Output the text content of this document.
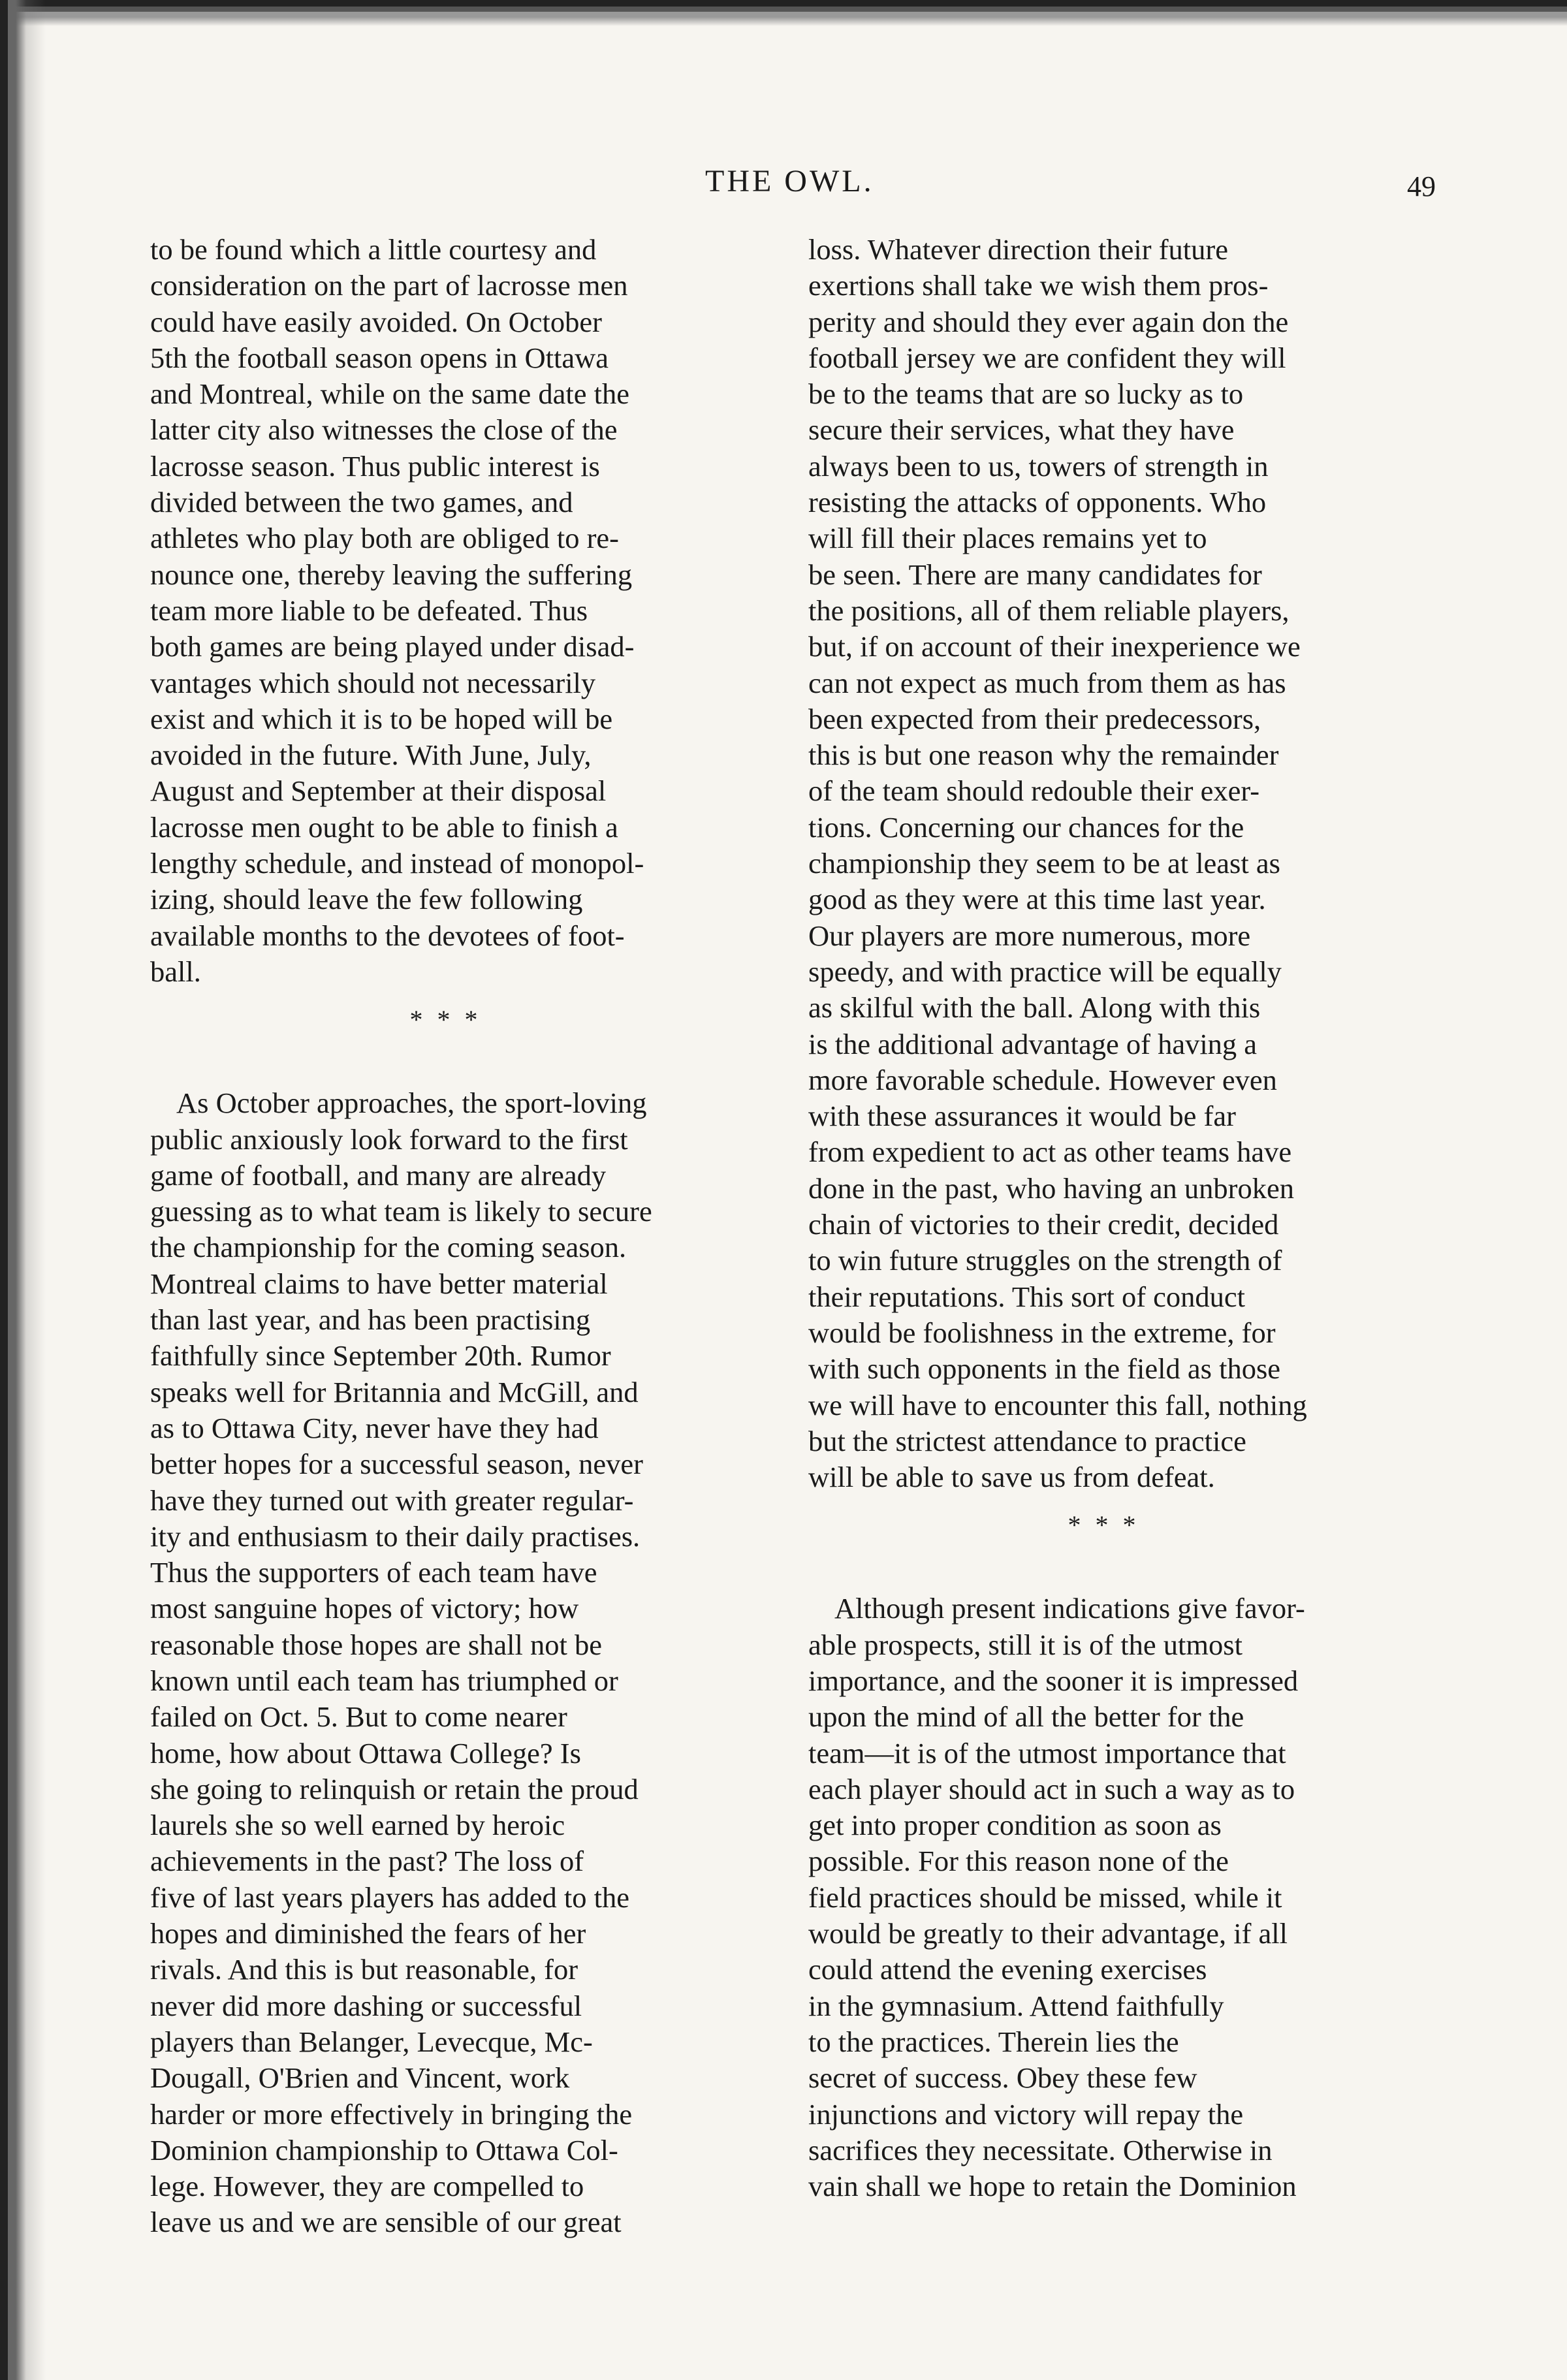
THE OWL.	49

to be found which a little courtesy and
consideration on the part of lacrosse men
could have easily avoided. On October
5th the football season opens in Ottawa
and Montreal, while on the same date the
latter city also witnesses the close of the
lacrosse season. Thus public interest is
divided between the two games, and
athletes who play both are obliged to re-
nounce one, thereby leaving the suffering
team more liable to be defeated. Thus
both games are being played under disad-
vantages which should not necessarily
exist and which it is to be hoped will be
avoided in the future. With June, July,
August and September at their disposal
lacrosse men ought to be able to finish a
lengthy schedule, and instead of monopol-
izing, should leave the few following
available months to the devotees of foot-
ball.

* * *

As October approaches, the sport-loving
public anxiously look forward to the first
game of football, and many are already
guessing as to what team is likely to secure
the championship for the coming season.
Montreal claims to have better material
than last year, and has been practising
faithfully since September 20th. Rumor
speaks well for Britannia and McGill, and
as to Ottawa City, never have they had
better hopes for a successful season, never
have they turned out with greater regular-
ity and enthusiasm to their daily practises.
Thus the supporters of each team have
most sanguine hopes of victory; how
reasonable those hopes are shall not be
known until each team has triumphed or
failed on Oct. 5. But to come nearer
home, how about Ottawa College? Is
she going to relinquish or retain the proud
laurels she so well earned by heroic
achievements in the past? The loss of
five of last years players has added to the
hopes and diminished the fears of her
rivals. And this is but reasonable, for
never did more dashing or successful
players than Belanger, Levecque, Mc-
Dougall, O'Brien and Vincent, work
harder or more effectively in bringing the
Dominion championship to Ottawa Col-
lege. However, they are compelled to
leave us and we are sensible of our great

loss. Whatever direction their future
exertions shall take we wish them pros-
perity and should they ever again don the
football jersey we are confident they will
be to the teams that are so lucky as to
secure their services, what they have
always been to us, towers of strength in
resisting the attacks of opponents. Who
will fill their places remains yet to
be seen. There are many candidates for
the positions, all of them reliable players,
but, if on account of their inexperience we
can not expect as much from them as has
been expected from their predecessors,
this is but one reason why the remainder
of the team should redouble their exer-
tions. Concerning our chances for the
championship they seem to be at least as
good as they were at this time last year.
Our players are more numerous, more
speedy, and with practice will be equally
as skilful with the ball. Along with this
is the additional advantage of having a
more favorable schedule. However even
with these assurances it would be far
from expedient to act as other teams have
done in the past, who having an unbroken
chain of victories to their credit, decided
to win future struggles on the strength of
their reputations. This sort of conduct
would be foolishness in the extreme, for
with such opponents in the field as those
we will have to encounter this fall, nothing
but the strictest attendance to practice
will be able to save us from defeat.

* * *

Although present indications give favor-
able prospects, still it is of the utmost
importance, and the sooner it is impressed
upon the mind of all the better for the
team—it is of the utmost importance that
each player should act in such a way as to
get into proper condition as soon as
possible. For this reason none of the
field practices should be missed, while it
would be greatly to their advantage, if all
could attend the evening exercises
in the gymnasium. Attend faithfully
to the practices. Therein lies the
secret of success. Obey these few
injunctions and victory will repay the
sacrifices they necessitate. Otherwise in
vain shall we hope to retain the Dominion
